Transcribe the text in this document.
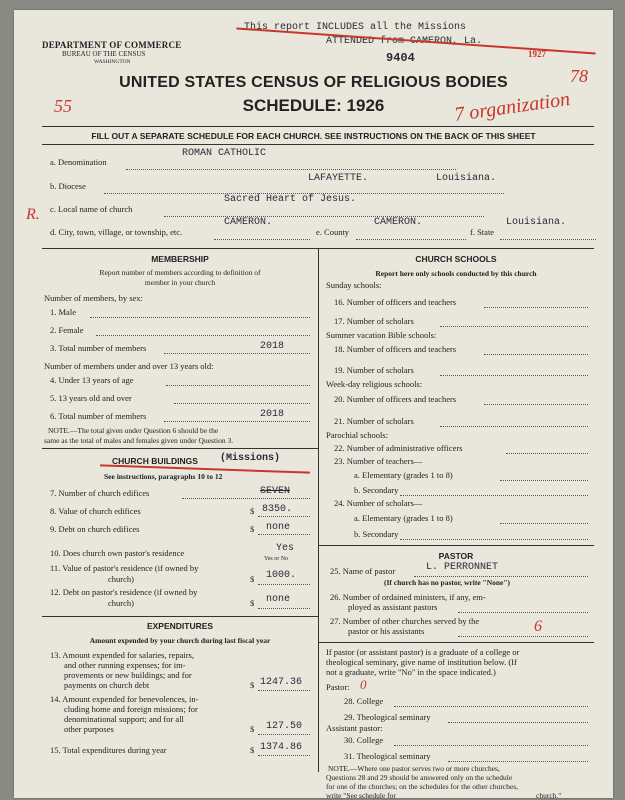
DEPARTMENT OF COMMERCE
BUREAU OF THE CENSUS
WASHINGTON
This report INCLUDES all the Missions
ATTENDED from CAMERON, La.
9404	1927
78
UNITED STATES CENSUS OF RELIGIOUS BODIES
SCHEDULE: 1926
55	7 organization
FILL OUT A SEPARATE SCHEDULE FOR EACH CHURCH. SEE INSTRUCTIONS ON THE BACK OF THIS SHEET
a. Denomination
ROMAN CATHOLIC
b. Diocese
LAFAYETTE.	Louisiana.
c. Local name of church
Sacred Heart of Jesus.
R.
d. City, town, village, or township, etc.
CAMERON.
e. County
CAMERON.
f. State
Louisiana.
MEMBERSHIP
Report number of members according to definition of
member in your church
Number of members, by sex:
1. Male
2. Female
3. Total number of members	2018
Number of members under and over 13 years old:
4. Under 13 years of age
5. 13 years old and over
6. Total number of members	2018
NOTE.—The total given under Question 6 should be the
same as the total of males and females given under Question 3.
CHURCH BUILDINGS (Missions)
See instructions, paragraphs 10 to 12
7. Number of church edifices	SEVEN
8. Value of church edifices	$ 8350.
9. Debt on church edifices	$ none
10. Does church own pastor's residence	Yes
Yes or No
11. Value of pastor's residence (if owned by
church)	$ 1000.
12. Debt on pastor's residence (if owned by
church)	$ none
EXPENDITURES
Amount expended by your church during last fiscal year
13. Amount expended for salaries, repairs,
and other running expenses; for im-
provements or new buildings; and for
payments on church debt	$ 1247.36
14. Amount expended for benevolences, in-
cluding home and foreign missions; for
denominational support; and for all
other purposes	$ 127.50
15. Total expenditures during year	$ 1374.86
CHURCH SCHOOLS
Report here only schools conducted by this church
Sunday schools:
16. Number of officers and teachers
17. Number of scholars
Summer vacation Bible schools:
18. Number of officers and teachers
19. Number of scholars
Week-day religious schools:
20. Number of officers and teachers
21. Number of scholars
Parochial schools:
22. Number of administrative officers
23. Number of teachers—
a. Elementary (grades 1 to 8)
b. Secondary
24. Number of scholars—
a. Elementary (grades 1 to 8)
b. Secondary
PASTOR
25. Name of pastor	L. PERRONNET
(If church has no pastor, write "None")
26. Number of ordained ministers, if any, em-
ployed as assistant pastors
27. Number of other churches served by the
pastor or his assistants	6
If pastor (or assistant pastor) is a graduate of a college or
theological seminary, give name of institution below. (If
not a graduate, write "No" in the space indicated.)
Pastor: 0
28. College
29. Theological seminary
Assistant pastor:
30. College
31. Theological seminary
NOTE.—Where one pastor serves two or more churches,
Questions 28 and 29 should be answered only on the schedule
for one of the churches; on the schedules for the other churches,
write "See schedule for	church."
